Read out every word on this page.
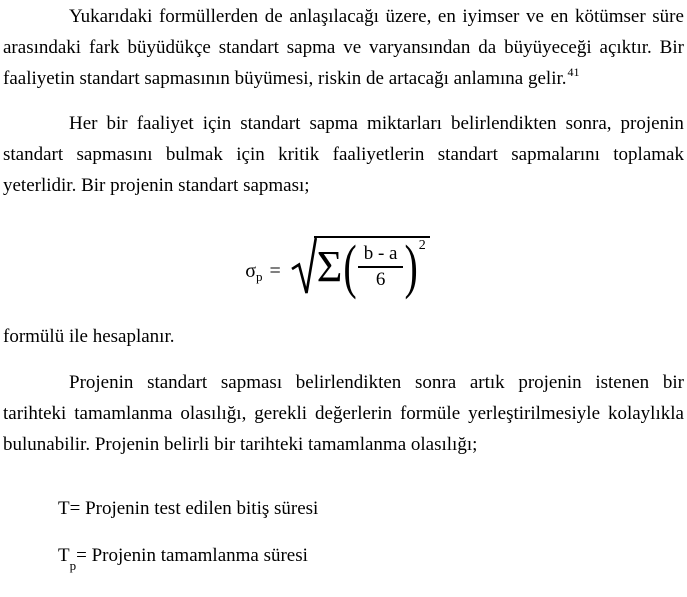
Yukarıdaki formüllerden de anlaşılacağı üzere, en iyimser ve en kötümser süre
arasındaki fark büyüdükçe standart sapma ve varyansından da büyüyeceği açıktır. Bir
faaliyetin standart sapmasının büyümesi, riskin de artacağı anlamına gelir.$^{41}$
Her bir faaliyet için standart sapma miktarları belirlendikten sonra, projenin
standart sapmasını bulmak için kritik faaliyetlerin standart sapmalarını toplamak
yeterlidir. Bir projenin standart sapması;
$\sigma_p = \Sigma$ ( $\frac{b - a}{6} )^2$
formülü ile hesaplanır.
Projenin standart sapması belirlendikten sonra artık projenin istenen bir
tarihteki tamamlanma olasılığı, gerekli değerlerin formüle yerleştirilmesiyle kolaylıkla
bulunabilir. Projenin belirli bir tarihteki tamamlanma olasılığı;
T= Projenin test edilen bitiş süresi
$T_p=$ Projenin tamamlanma süresi
